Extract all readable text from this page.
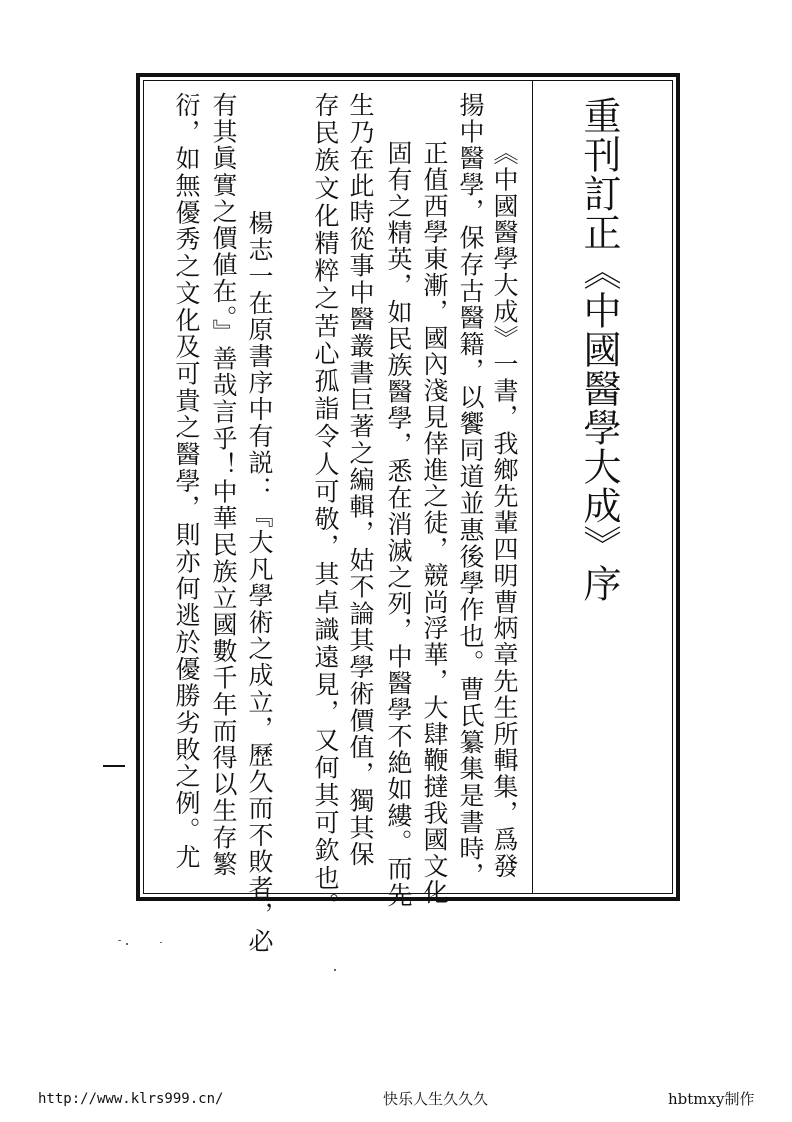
重刊訂正《中國醫學大成》序
《中國醫學大成》一書，我鄉先輩四明曹炳章先生所輯集，爲發
揚中醫學，保存古醫籍，以饗同道並惠後學作也。曹氏纂集是書時，
正值西學東漸，國內淺見倖進之徒，競尚浮華，大肆鞭撻我國文化
固有之精英，如民族醫學，悉在消滅之列，中醫學不絶如縷。而先
生乃在此時從事中醫叢書巨著之編輯，姑不論其學術價值，獨其保
存民族文化精粹之苦心孤詣令人可敬，其卓識遠見，又何其可欽也。
楊志一在原書序中有説：『大凡學術之成立，歷久而不敗者，必
有其眞實之價値在。』善哉言乎！中華民族立國數千年而得以生存繁
衍，如無優秀之文化及可貴之醫學，則亦何逃於優勝劣敗之例。尤
http://www.klrs999.cn/	快乐人生久久久	hbtmxy制作
